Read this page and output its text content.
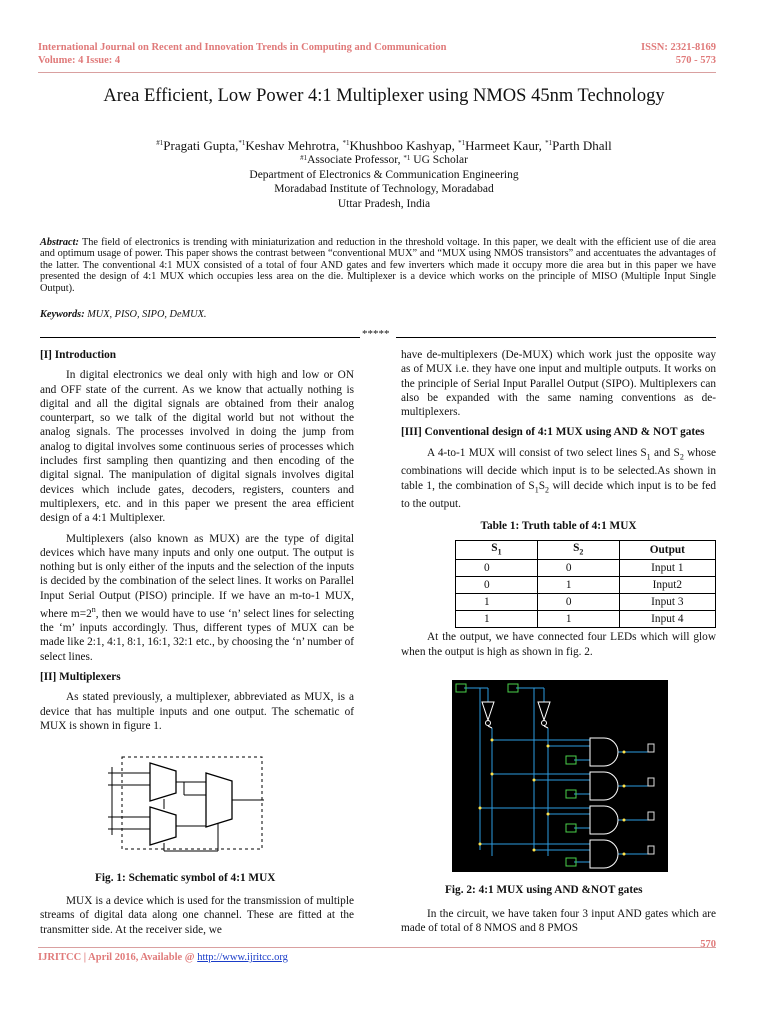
International Journal on Recent and Innovation Trends in Computing and Communication
Volume: 4 Issue: 4
ISSN: 2321-8169
570 - 573
Area Efficient, Low Power 4:1 Multiplexer using NMOS 45nm Technology
$^{\#1}$Pragati Gupta,$^{*1}$Keshav Mehrotra, $^{*1}$Khushboo Kashyap, $^{*1}$Harmeet Kaur, $^{*1}$Parth Dhall
$^{\#1}$Associate Professor, $^{*1}$ UG Scholar
Department of Electronics & Communication Engineering
Moradabad Institute of Technology, Moradabad
Uttar Pradesh, India
Abstract: The field of electronics is trending with miniaturization and reduction in the threshold voltage. In this paper, we dealt with the efficient use of die area and optimum usage of power. This paper shows the contrast between “conventional MUX” and “MUX using NMOS transistors” and accentuates the advantages of the latter. The conventional 4:1 MUX consisted of a total of four AND gates and few inverters which made it occupy more die area but in this paper we have presented the design of 4:1 MUX which occupies less area on the die. Multiplexer is a device which works on the principle of MISO (Multiple Input Single Output).
Keywords: MUX, PISO, SIPO, DeMUX.
*****
[I] Introduction

In digital electronics we deal only with high and low or ON and OFF state of the current. As we know that actually nothing is digital and all the digital signals are obtained from their analog counterpart, so we talk of the digital world but not without the analog signals. The processes involved in doing the jump from analog to digital involves some continuous series of processes which includes first sampling then quantizing and then encoding of the digital signal. The manipulation of digital signals involves digital devices which include gates, decoders, registers, counters and multiplexers, etc. and in this paper we present the area efficient design of a 4:1 Multiplexer.

Multiplexers (also known as MUX) are the type of digital devices which have many inputs and only one output. The output is nothing but is only either of the inputs and the selection of the inputs is decided by the combination of the select lines. It works on Parallel Input Serial Output (PISO) principle. If we have an m-to-1 MUX, where $m=2^n$, then we would have to use ‘n’ select lines for selecting the ‘m’ inputs accordingly. Thus, different types of MUX can be made like 2:1, 4:1, 8:1, 16:1, 32:1 etc., by choosing the ‘n’ number of select lines.

[II] Multiplexers

As stated previously, a multiplexer, abbreviated as MUX, is a device that has multiple inputs and one output. The schematic of MUX is shown in figure 1.

Fig. 1: Schematic symbol of 4:1 MUX

MUX is a device which is used for the transmission of multiple streams of digital data along one channel. These are fitted at the transmitter side. At the receiver side, we

have de-multiplexers (De-MUX) which work just the opposite way as of MUX i.e. they have one input and multiple outputs. It works on the principle of Serial Input Parallel Output (SIPO). Multiplexers can also be expanded with the same naming conventions as de-multiplexers.

[III] Conventional design of 4:1 MUX using AND & NOT gates

A 4-to-1 MUX will consist of two select lines $S_1$ and $S_2$ whose combinations will decide which input is to be selected.As shown in table 1, the combination of $S_1S_2$ will decide which input is to be fed to the output.

Table 1: Truth table of 4:1 MUX
$S_1$	$S_2$	Output
0	0	Input 1
0	1	Input2
1	0	Input 3
1	1	Input 4

At the output, we have connected four LEDs which will glow when the output is high as shown in fig. 2.

Fig. 2: 4:1 MUX using AND &NOT gates

In the circuit, we have taken four 3 input AND gates which are made of total of 8 NMOS and 8 PMOS

570
IJRITCC | April 2016, Available @ http://www.ijritcc.org
